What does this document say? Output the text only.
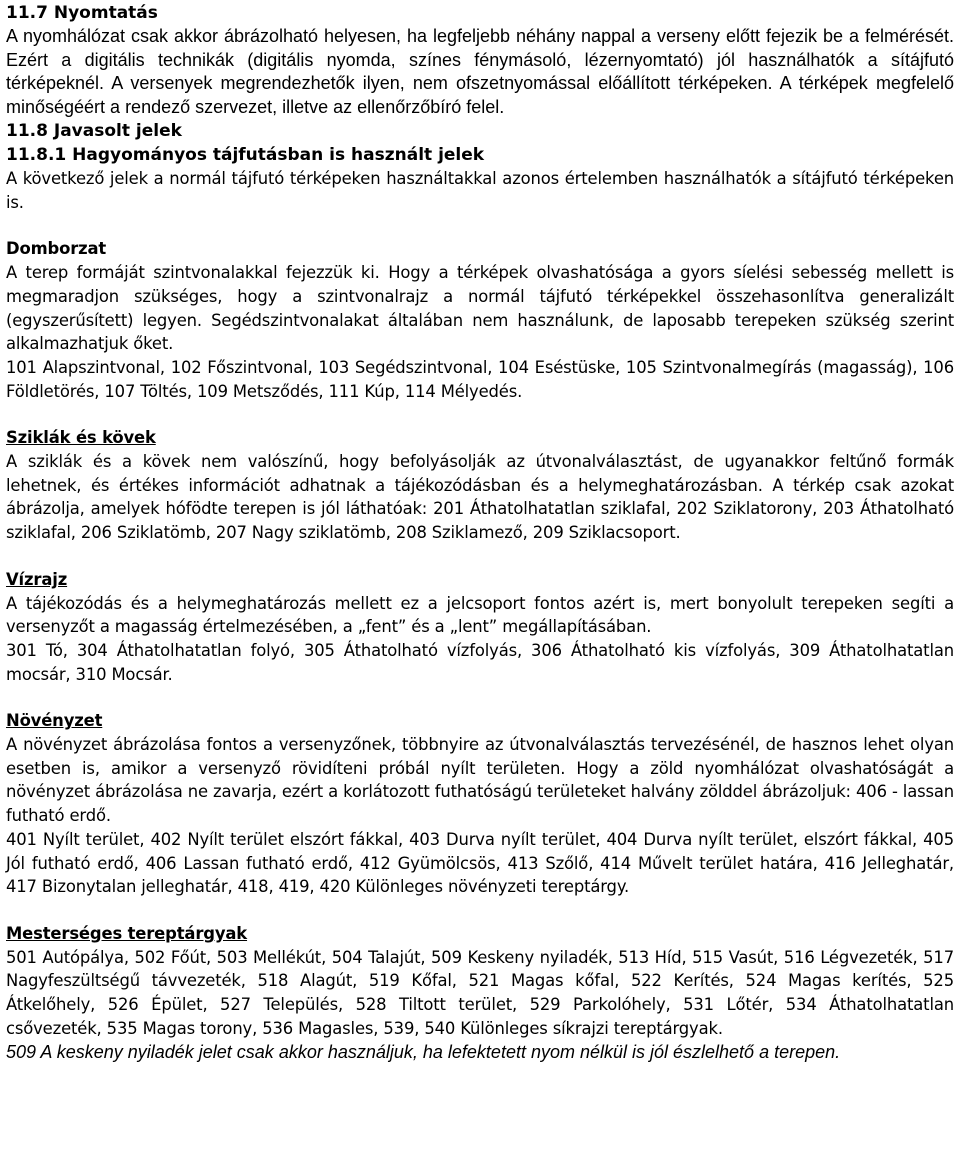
11.7 Nyomtatás

A nyomhálózat csak akkor ábrázolható helyesen, ha legfeljebb néhány nappal a verseny előtt fejezik be a felmérését. Ezért a digitális technikák (digitális nyomda, színes fénymásoló, lézernyomtató) jól használhatók a sítájfutó térképeknél. A versenyek megrendezhetők ilyen, nem ofszetnyomással előállított térképeken. A térképek megfelelő minőségéért a rendező szervezet, illetve az ellenőrzőbíró felel.

11.8 Javasolt jelek

11.8.1 Hagyományos tájfutásban is használt jelek

A következő jelek a normál tájfutó térképeken használtakkal azonos értelemben használhatók a sítájfutó térképeken is.

Domborzat

A terep formáját szintvonalakkal fejezzük ki. Hogy a térképek olvashatósága a gyors síelési sebesség mellett is megmaradjon szükséges, hogy a szintvonalrajz a normál tájfutó térképekkel összehasonlítva generalizált (egyszerűsített) legyen. Segédszintvonalakat általában nem használunk, de laposabb terepeken szükség szerint alkalmazhatjuk őket.

101 Alapszintvonal, 102 Főszintvonal, 103 Segédszintvonal, 104 Eséstüske, 105 Szintvonalmegírás (magasság), 106 Földletörés, 107 Töltés, 109 Metsződés, 111 Kúp, 114 Mélyedés.

Sziklák és kövek

A sziklák és a kövek nem valószínű, hogy befolyásolják az útvonalválasztást, de ugyanakkor feltűnő formák lehetnek, és értékes információt adhatnak a tájékozódásban és a helymeghatározásban. A térkép csak azokat ábrázolja, amelyek hófödte terepen is jól láthatóak: 201 Áthatolhatatlan sziklafal, 202 Sziklatorony, 203 Áthatolható sziklafal, 206 Sziklatömb, 207 Nagy sziklatömb, 208 Sziklamező, 209 Sziklacsoport.

Vízrajz

A tájékozódás és a helymeghatározás mellett ez a jelcsoport fontos azért is, mert bonyolult terepeken segíti a versenyzőt a magasság értelmezésében, a „fent” és a „lent” megállapításában.

301 Tó, 304 Áthatolhatatlan folyó, 305 Áthatolható vízfolyás, 306 Áthatolható kis vízfolyás, 309 Áthatolhatatlan mocsár, 310 Mocsár.

Növényzet

A növényzet ábrázolása fontos a versenyzőnek, többnyire az útvonalválasztás tervezésénél, de hasznos lehet olyan esetben is, amikor a versenyző rövidíteni próbál nyílt területen. Hogy a zöld nyomhálózat olvashatóságát a növényzet ábrázolása ne zavarja, ezért a korlátozott futhatóságú területeket halvány zölddel ábrázoljuk: 406 - lassan futható erdő.

401 Nyílt terület, 402 Nyílt terület elszórt fákkal, 403 Durva nyílt terület, 404 Durva nyílt terület, elszórt fákkal, 405 Jól futható erdő, 406 Lassan futható erdő, 412 Gyümölcsös, 413 Szőlő, 414 Művelt terület határa, 416 Jelleghatár, 417 Bizonytalan jelleghatár, 418, 419, 420 Különleges növényzeti tereptárgy.

Mesterséges tereptárgyak

501 Autópálya, 502 Főút, 503 Mellékút, 504 Talajút, 509 Keskeny nyiladék, 513 Híd, 515 Vasút, 516 Légvezeték, 517 Nagyfeszültségű távvezeték, 518 Alagút, 519 Kőfal, 521 Magas kőfal, 522 Kerítés, 524 Magas kerítés, 525 Átkelőhely, 526 Épület, 527 Település, 528 Tiltott terület, 529 Parkolóhely, 531 Lőtér, 534 Áthatolhatatlan csővezeték, 535 Magas torony, 536 Magasles, 539, 540 Különleges síkrajzi tereptárgyak.

509 A keskeny nyiladék jelet csak akkor használjuk, ha lefektetett nyom nélkül is jól észlelhető a terepen.
